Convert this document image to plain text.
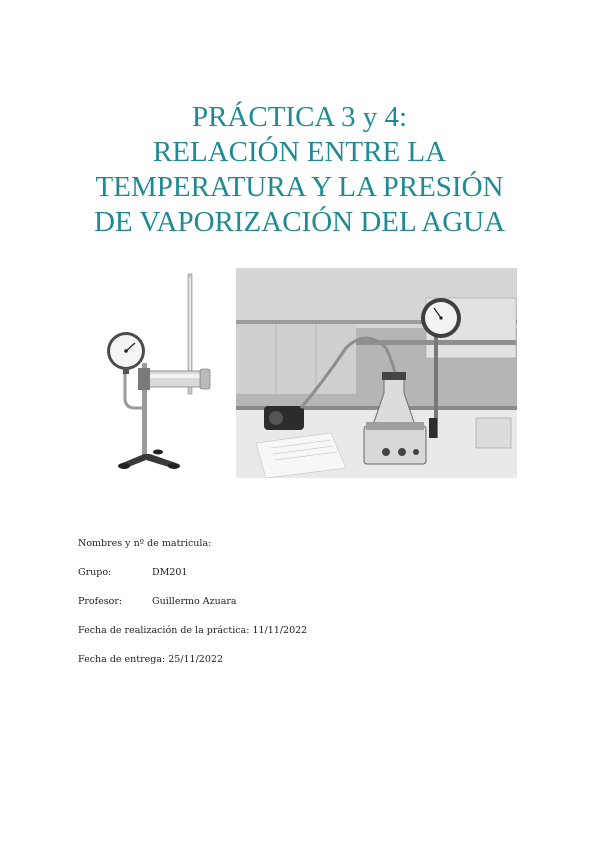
PRÁCTICA 3 y 4:
RELACIÓN ENTRE LA
TEMPERATURA Y LA PRESIÓN
DE VAPORIZACIÓN DEL AGUA
Nombres y nº de matricula:
Grupo:	DM201
Profesor:	Guillermo Azuara
Fecha de realización de la práctica: 11/11/2022
Fecha de entrega: 25/11/2022
